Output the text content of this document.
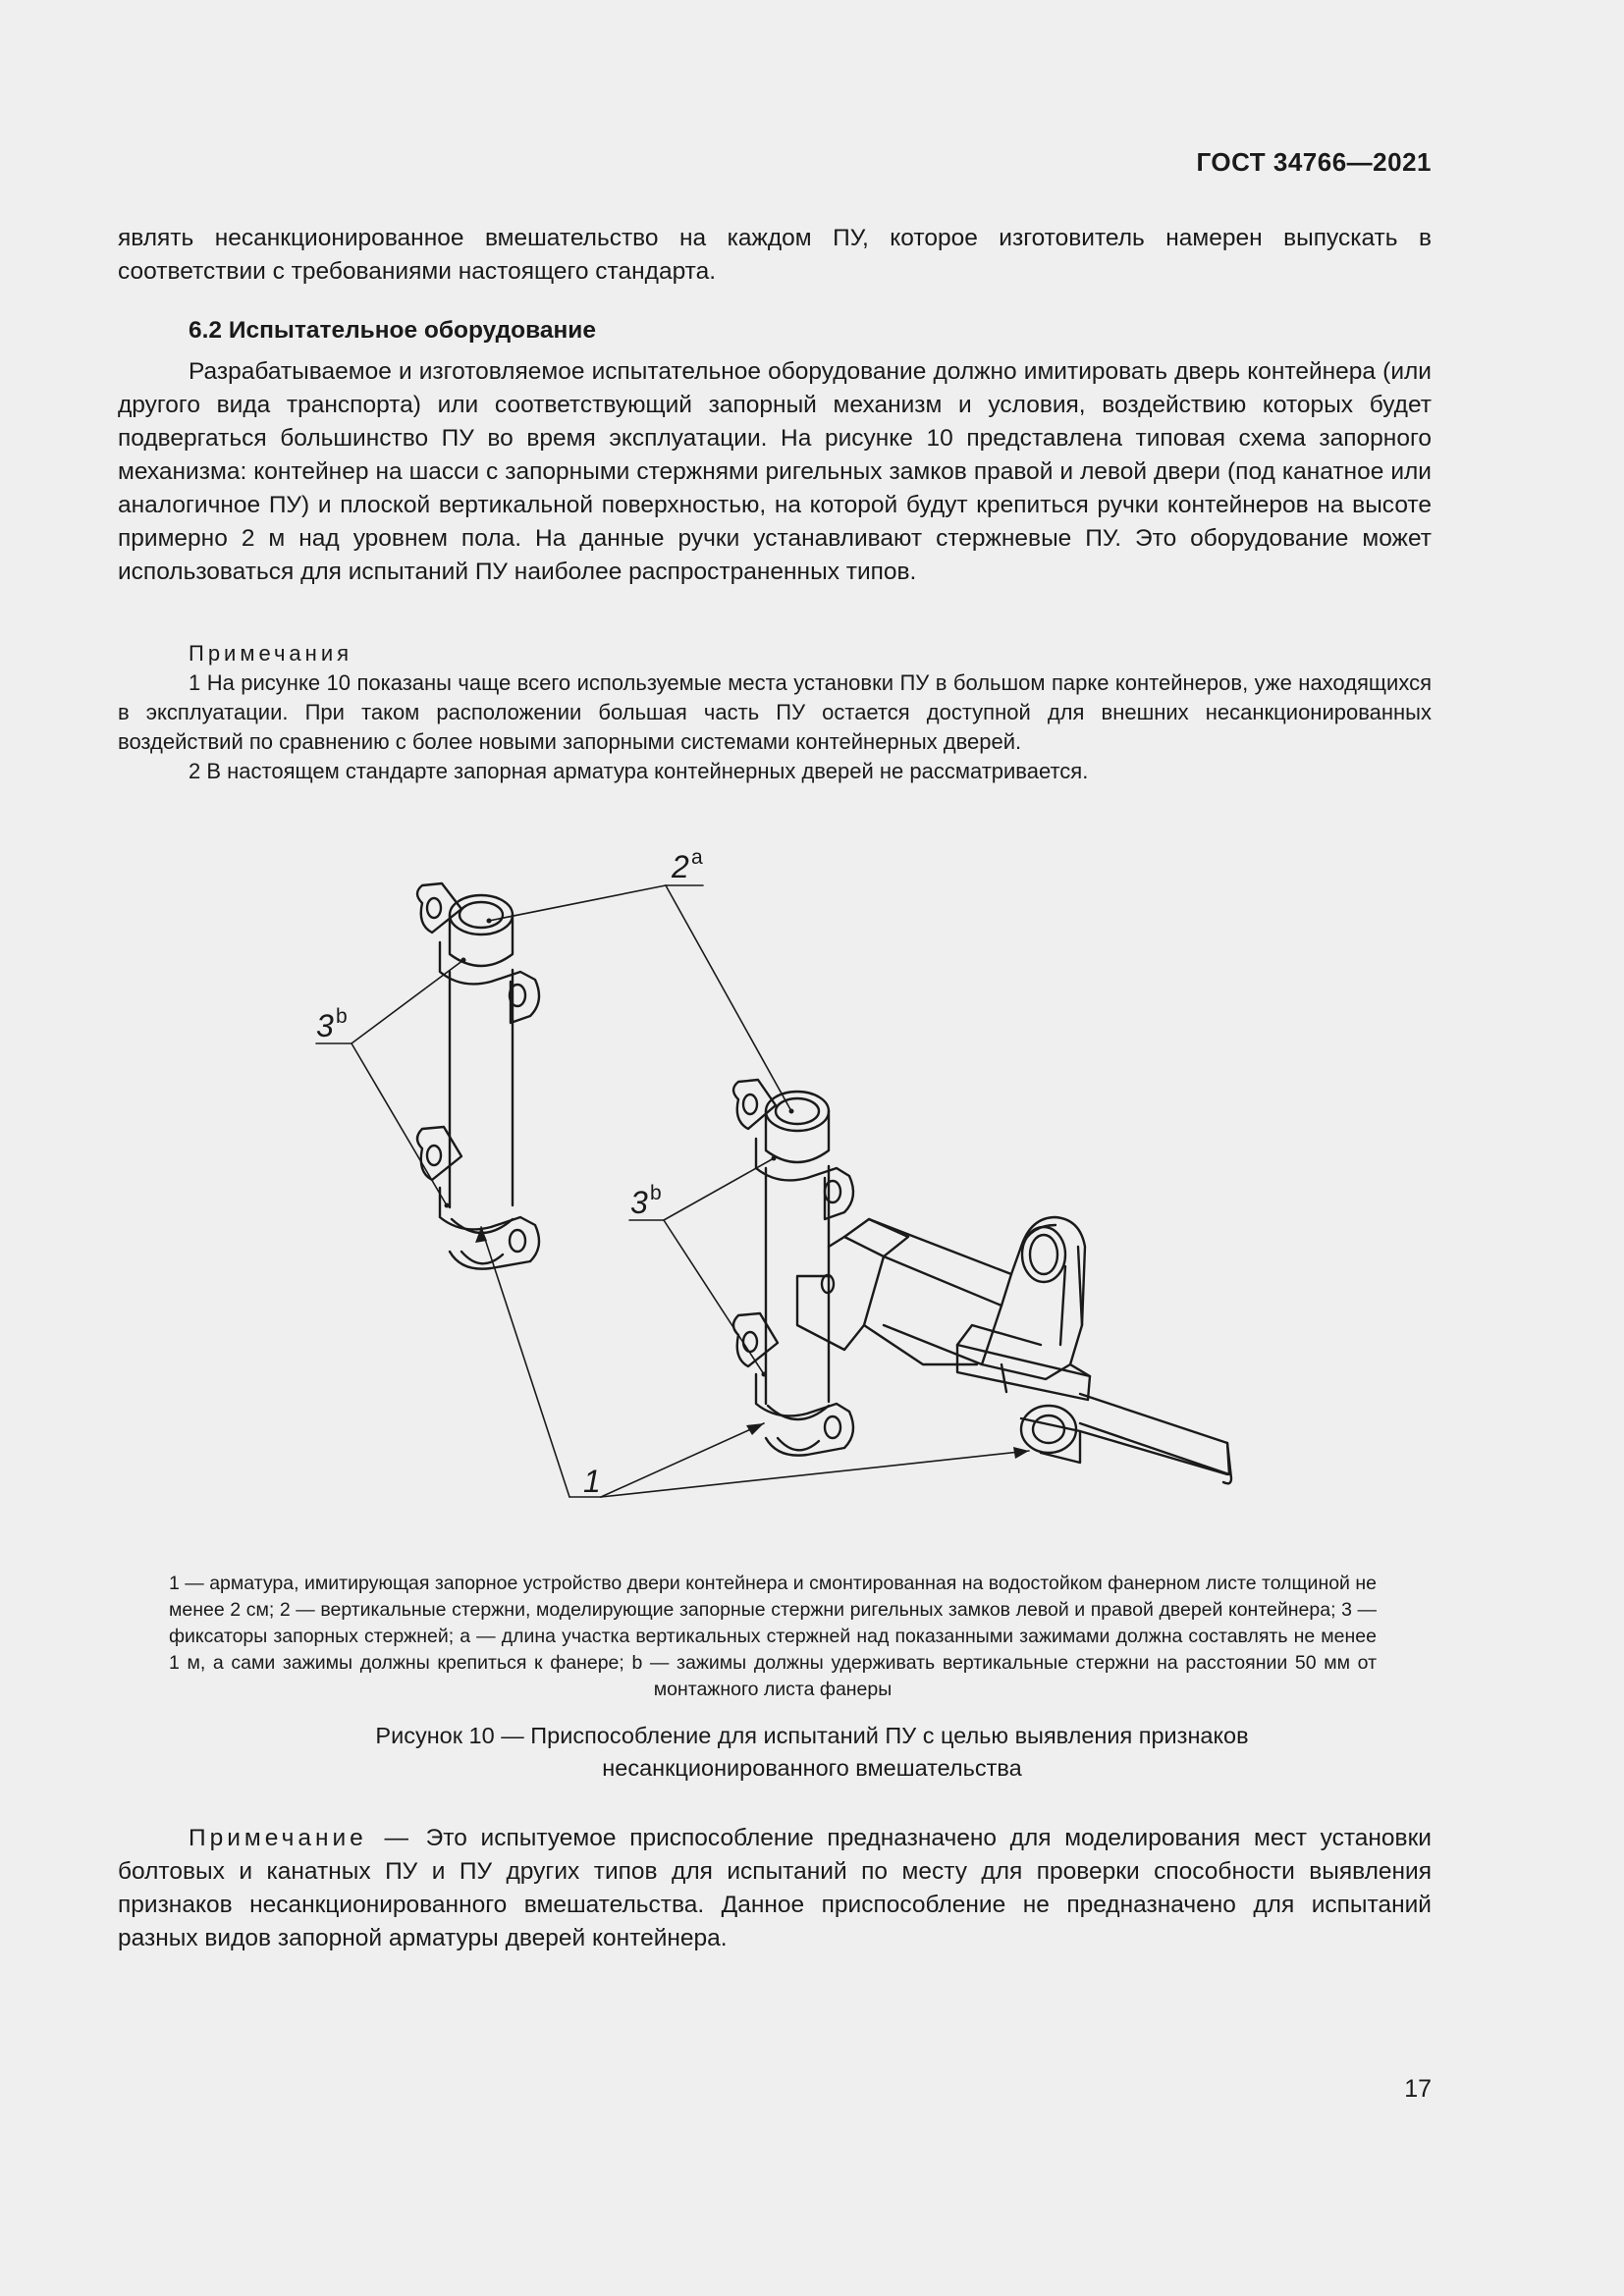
ГОСТ 34766—2021
являть несанкционированное вмешательство на каждом ПУ, которое изготовитель намерен выпускать в соответствии с требованиями настоящего стандарта.
6.2 Испытательное оборудование
Разрабатываемое и изготовляемое испытательное оборудование должно имитировать дверь контейнера (или другого вида транспорта) или соответствующий запорный механизм и условия, воздействию которых будет подвергаться большинство ПУ во время эксплуатации. На рисунке 10 представлена типовая схема запорного механизма: контейнер на шасси с запорными стержнями ригельных замков правой и левой двери (под канатное или аналогичное ПУ) и плоской вертикальной поверхностью, на которой будут крепиться ручки контейнеров на высоте примерно 2 м над уровнем пола. На данные ручки устанавливают стержневые ПУ. Это оборудование может использоваться для испытаний ПУ наиболее распространенных типов.
Примечания
1 На рисунке 10 показаны чаще всего используемые места установки ПУ в большом парке контейнеров, уже находящихся в эксплуатации. При таком расположении большая часть ПУ остается доступной для внешних несанкционированных воздействий по сравнению с более новыми запорными системами контейнерных дверей.
2 В настоящем стандарте запорная арматура контейнерных дверей не рассматривается.
2 a
3 b
3 b
1
1 — арматура, имитирующая запорное устройство двери контейнера и смонтированная на водостойком фанерном листе толщиной не менее 2 см; 2 — вертикальные стержни, моделирующие запорные стержни ригельных замков левой и правой дверей контейнера; 3 — фиксаторы запорных стержней; a — длина участка вертикальных стержней над показанными зажимами должна составлять не менее 1 м, а сами зажимы должны крепиться к фанере; b — зажимы должны удерживать вертикальные стержни на расстоянии 50 мм от монтажного листа фанеры
Рисунок 10 — Приспособление для испытаний ПУ с целью выявления признаков
несанкционированного вмешательства
Примечание — Это испытуемое приспособление предназначено для моделирования мест установки болтовых и канатных ПУ и ПУ других типов для испытаний по месту для проверки способности выявления признаков несанкционированного вмешательства. Данное приспособление не предназначено для испытаний разных видов запорной арматуры дверей контейнера.
17
